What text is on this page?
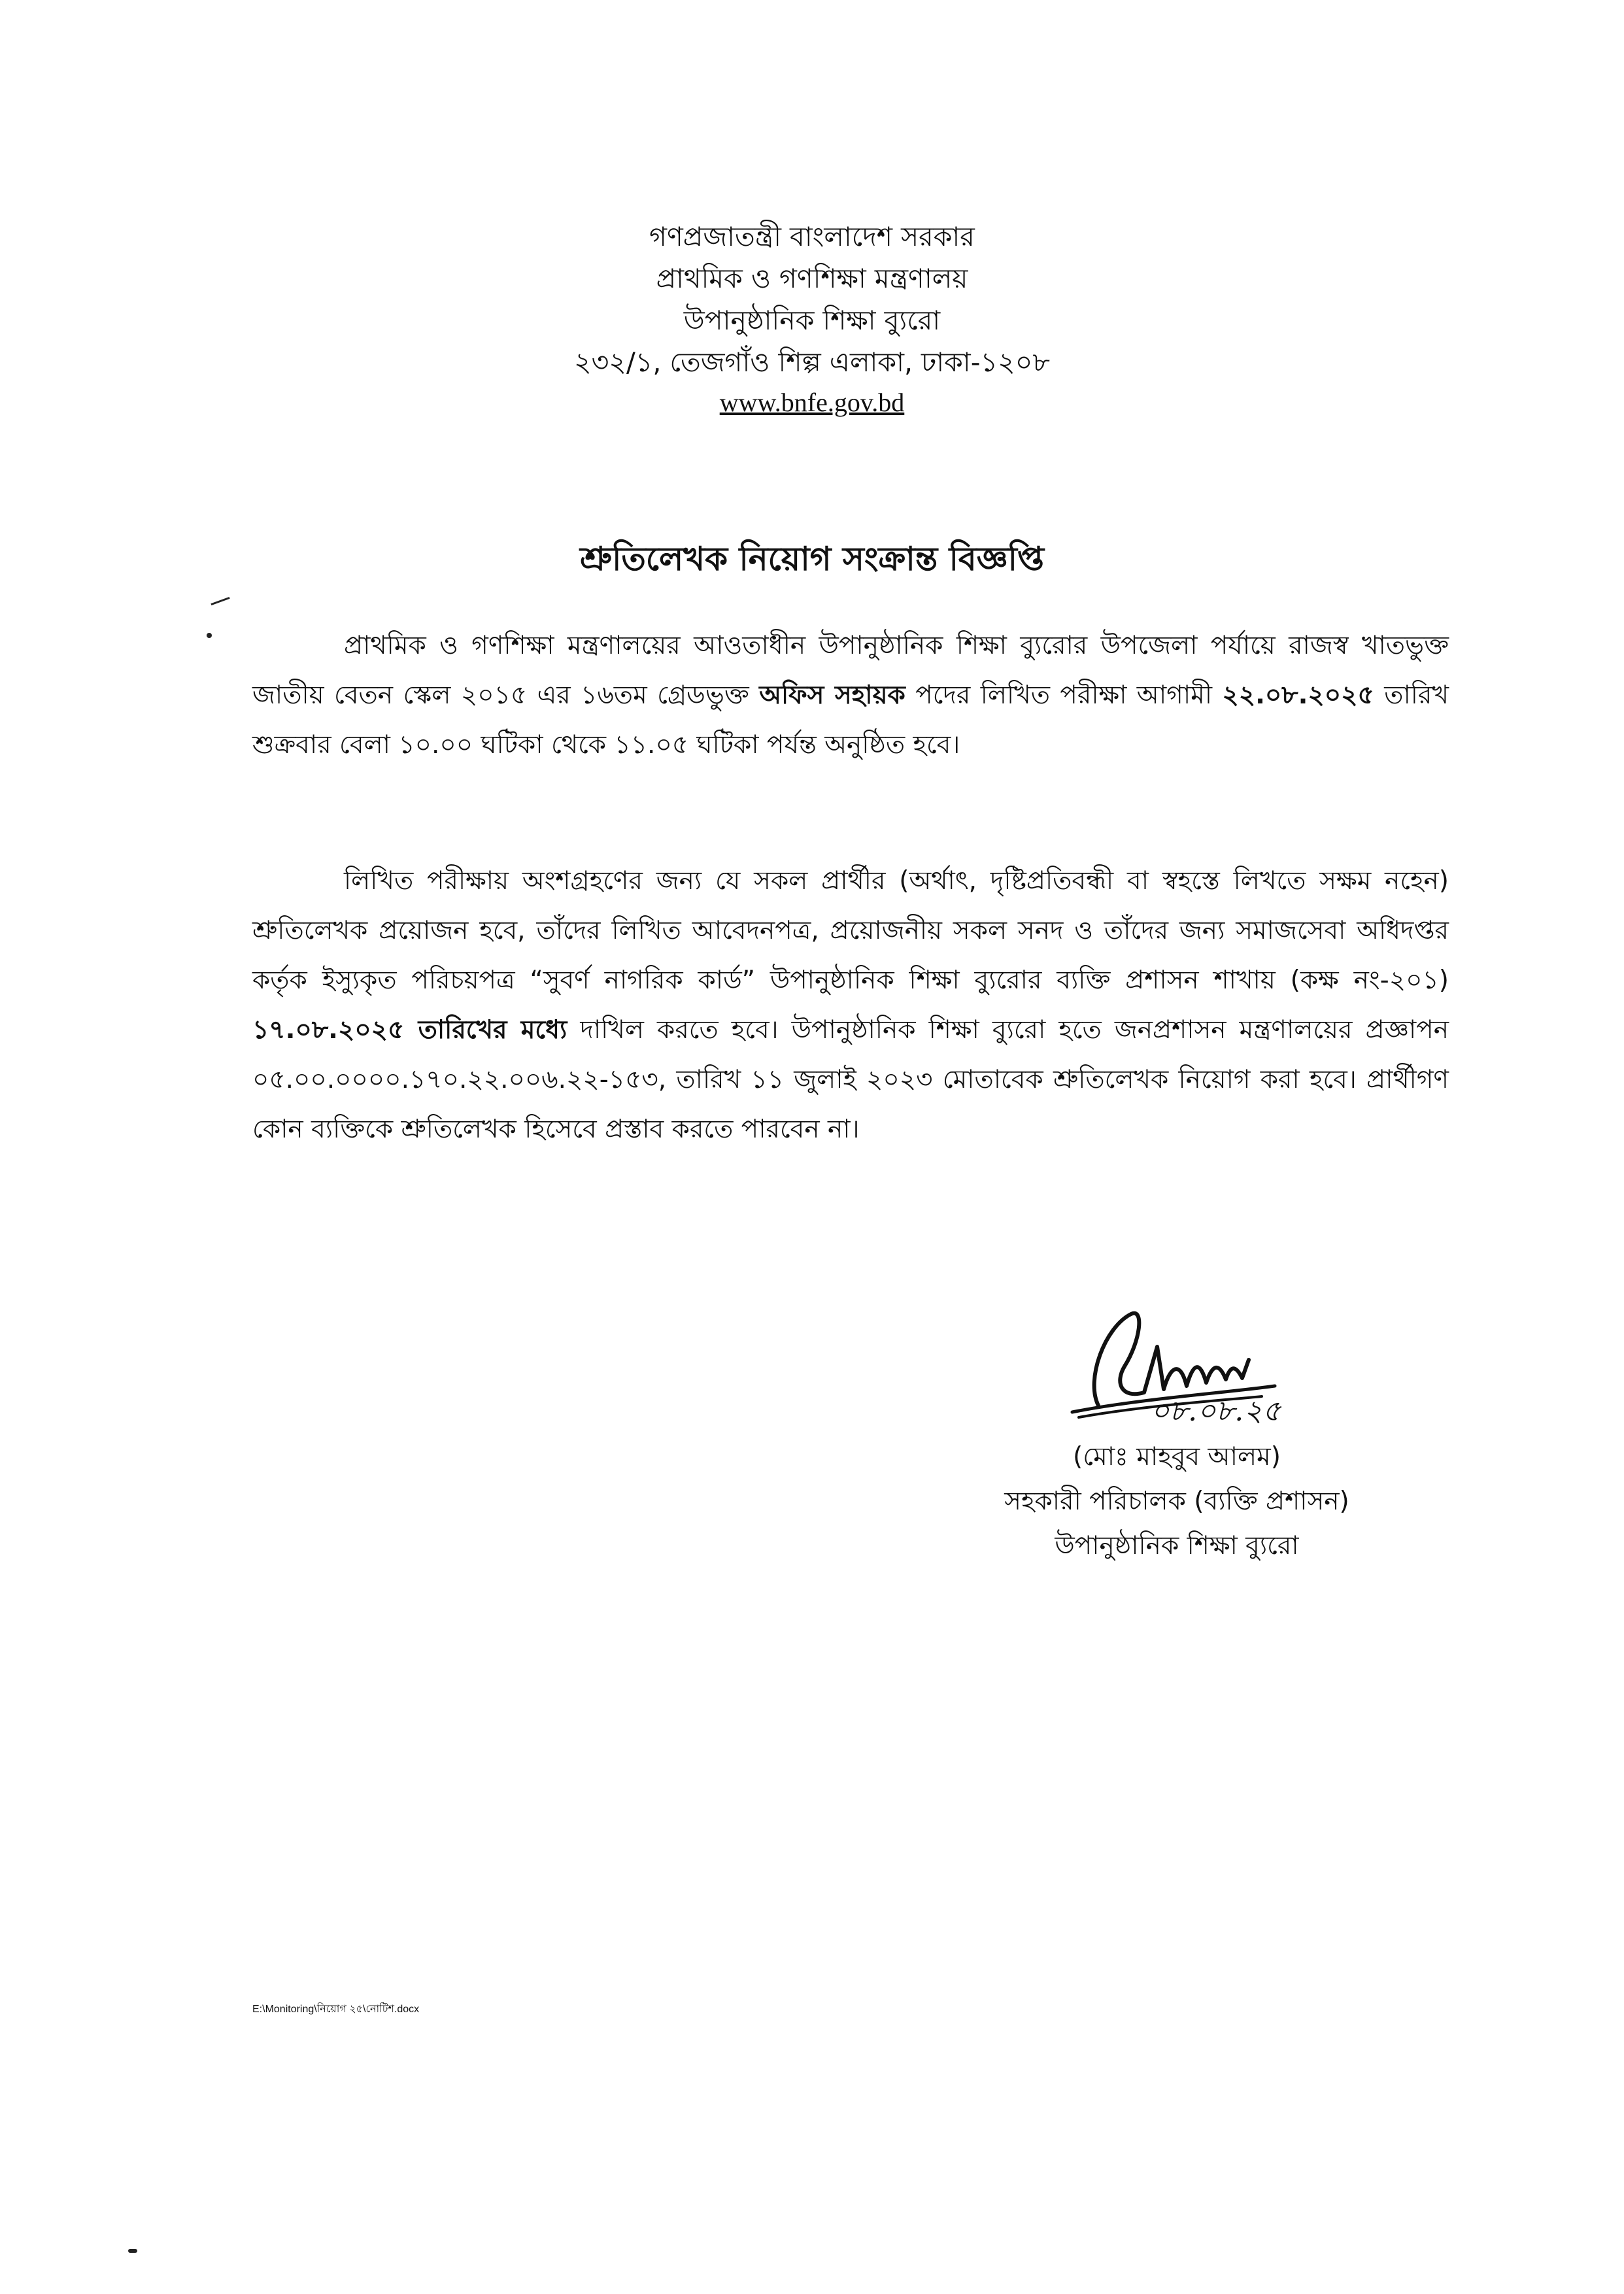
গণপ্রজাতন্ত্রী বাংলাদেশ সরকার
প্রাথমিক ও গণশিক্ষা মন্ত্রণালয়
উপানুষ্ঠানিক শিক্ষা ব্যুরো
২৩২/১, তেজগাঁও শিল্প এলাকা, ঢাকা-১২০৮
www.bnfe.gov.bd
শ্রুতিলেখক নিয়োগ সংক্রান্ত বিজ্ঞপ্তি
প্রাথমিক ও গণশিক্ষা মন্ত্রণালয়ের আওতাধীন উপানুষ্ঠানিক শিক্ষা ব্যুরোর উপজেলা পর্যায়ে রাজস্ব খাতভুক্ত জাতীয় বেতন স্কেল ২০১৫ এর ১৬তম গ্রেডভুক্ত অফিস সহায়ক পদের লিখিত পরীক্ষা আগামী ২২.০৮.২০২৫ তারিখ শুক্রবার বেলা ১০.০০ ঘটিকা থেকে ১১.০৫ ঘটিকা পর্যন্ত অনুষ্ঠিত হবে।
লিখিত পরীক্ষায় অংশগ্রহণের জন্য যে সকল প্রার্থীর (অর্থাৎ, দৃষ্টিপ্রতিবন্ধী বা স্বহস্তে লিখতে সক্ষম নহেন) শ্রুতিলেখক প্রয়োজন হবে, তাঁদের লিখিত আবেদনপত্র, প্রয়োজনীয় সকল সনদ ও তাঁদের জন্য সমাজসেবা অধিদপ্তর কর্তৃক ইস্যুকৃত পরিচয়পত্র “সুবর্ণ নাগরিক কার্ড” উপানুষ্ঠানিক শিক্ষা ব্যুরোর ব্যক্তি প্রশাসন শাখায় (কক্ষ নং-২০১) ১৭.০৮.২০২৫ তারিখের মধ্যে দাখিল করতে হবে। উপানুষ্ঠানিক শিক্ষা ব্যুরো হতে জনপ্রশাসন মন্ত্রণালয়ের প্রজ্ঞাপন ০৫.০০.০০০০.১৭০.২২.০০৬.২২-১৫৩, তারিখ ১১ জুলাই ২০২৩ মোতাবেক শ্রুতিলেখক নিয়োগ করা হবে। প্রার্থীগণ কোন ব্যক্তিকে শ্রুতিলেখক হিসেবে প্রস্তাব করতে পারবেন না।
০৮.০৮.২৫
(মোঃ মাহবুব আলম)
সহকারী পরিচালক (ব্যক্তি প্রশাসন)
উপানুষ্ঠানিক শিক্ষা ব্যুরো
E:\Monitoring\নিয়োগ ২৫\নোটিশ.docx
